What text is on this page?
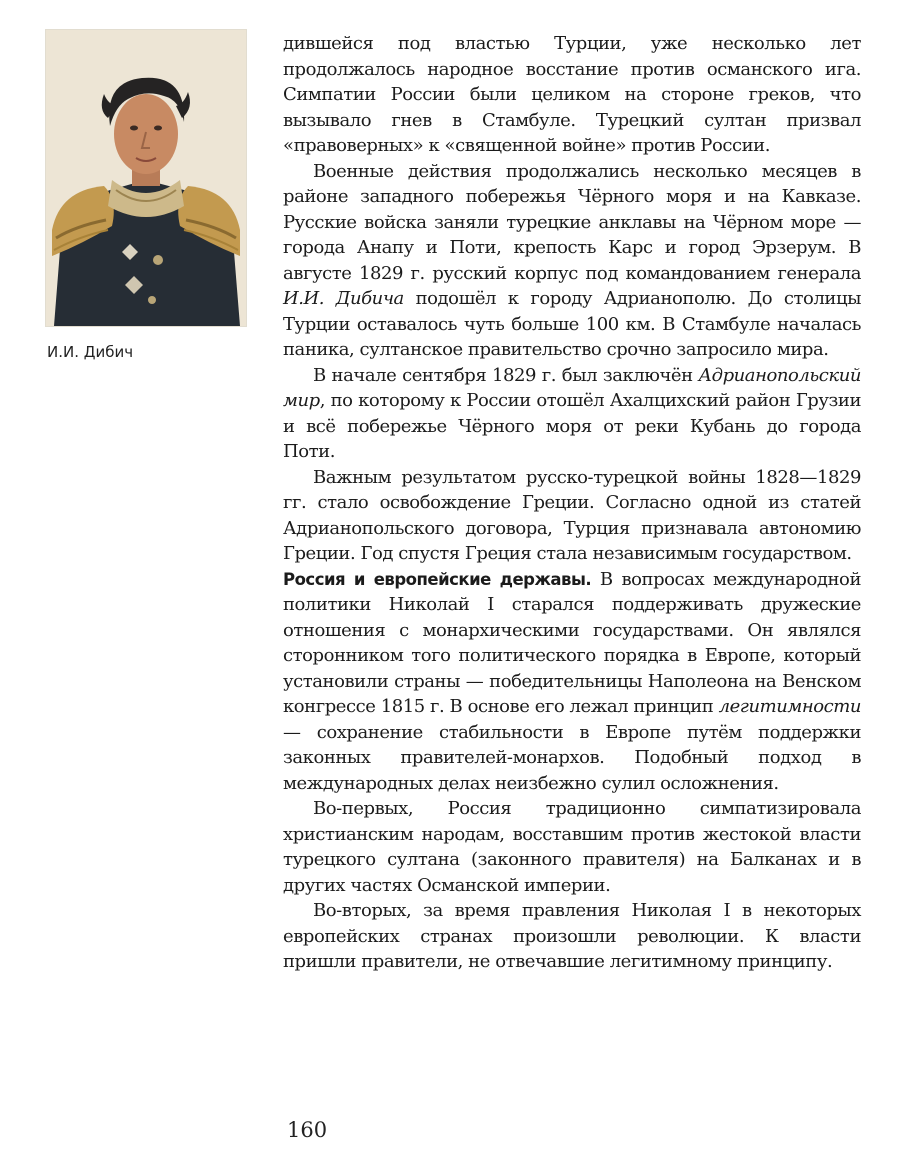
И.И. Дибич

дившейся под властью Турции, уже несколько лет продолжалось народное восстание против османского ига. Симпатии России были целиком на стороне греков, что вызывало гнев в Стамбуле. Турецкий султан призвал «правоверных» к «священной войне» против России.

Военные действия продолжались несколько месяцев в районе западного побережья Чёрного моря и на Кавказе. Русские войска заняли турецкие анклавы на Чёрном море — города Анапу и Поти, крепость Карс и город Эрзерум. В августе 1829 г. русский корпус под командованием генерала И.И. Дибича подошёл к городу Адрианополю. До столицы Турции оставалось чуть больше 100 км. В Стамбуле началась паника, султанское правительство срочно запросило мира.

В начале сентября 1829 г. был заключён Адрианопольский мир, по которому к России отошёл Ахалцихский район Грузии и всё побережье Чёрного моря от реки Кубань до города Поти.

Важным результатом русско-турецкой войны 1828—1829 гг. стало освобождение Греции. Согласно одной из статей Адрианопольского договора, Турция признавала автономию Греции. Год спустя Греция стала независимым государством.

Россия и европейские державы. В вопросах международной политики Николай I старался поддерживать дружеские отношения с монархическими государствами. Он являлся сторонником того политического порядка в Европе, который установили страны — победительницы Наполеона на Венском конгрессе 1815 г. В основе его лежал принцип легитимности — сохранение стабильности в Европе путём поддержки законных правителей-монархов. Подобный подход в международных делах неизбежно сулил осложнения.

Во-первых, Россия традиционно симпатизировала христианским народам, восставшим против жестокой власти турецкого султана (законного правителя) на Балканах и в других частях Османской империи.

Во-вторых, за время правления Николая I в некоторых европейских странах произошли революции. К власти пришли правители, не отвечавшие легитимному принципу.

160
